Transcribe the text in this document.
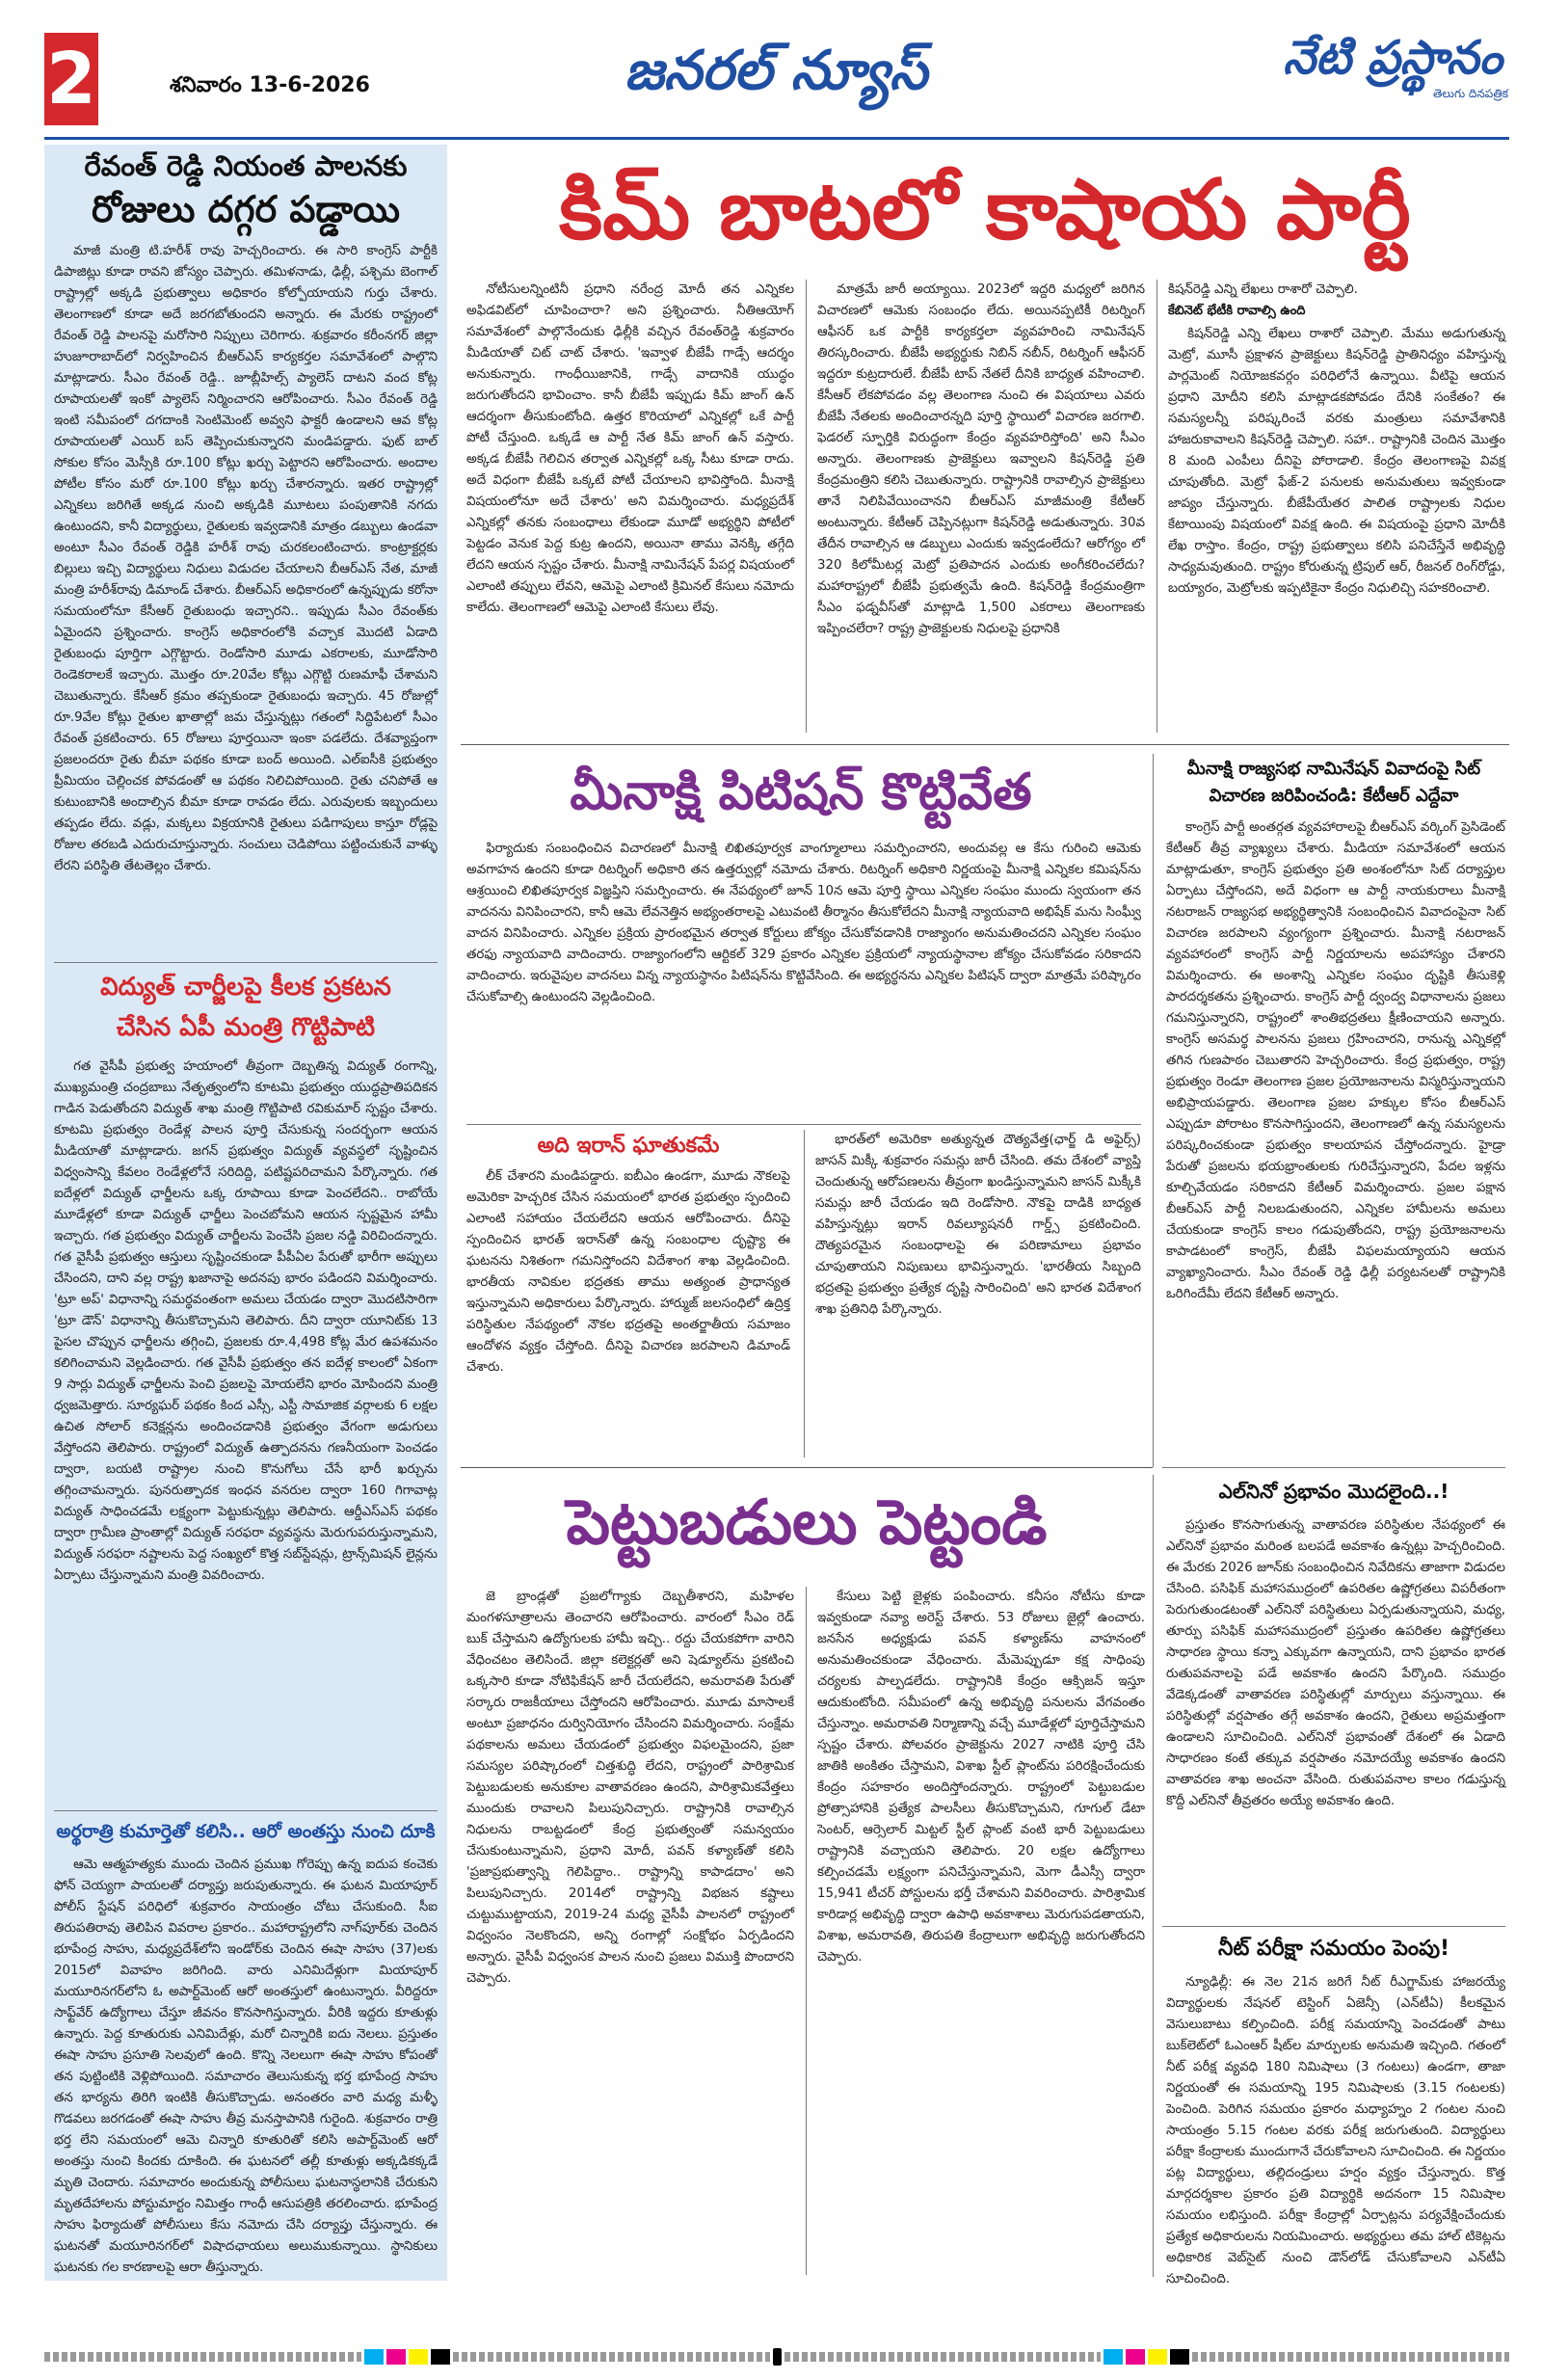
2	శనివారం 13-6-2026	జనరల్ న్యూస్	నేటి ప్రస్థానం
తెలుగు దినపత్రిక
రేవంత్ రెడ్డి నియంత పాలనకు
రోజులు దగ్గర పడ్డాయి
మాజీ మంత్రి టి.హరీశ్ రావు హెచ్చరించారు. ఈ సారి కాంగ్రెస్ పార్టీకి డిపాజిట్లు కూడా రావని జోస్యం చెప్పారు. తమిళనాడు, ఢిల్లీ, పశ్చిమ బెంగాల్ రాష్ట్రాల్లో అక్కడి ప్రభుత్వాలు అధికారం కోల్పోయాయని గుర్తు చేశారు. తెలంగాణలో కూడా అదే జరగబోతుందని అన్నారు. ఈ మేరకు రాష్ట్రంలో రేవంత్ రెడ్డి పాలనపై మరోసారి నిప్పులు చెరిగారు. శుక్రవారం కరీంనగర్ జిల్లా హుజూరాబాద్‌లో నిర్వహించిన బీఆర్‌ఎస్ కార్యకర్తల సమావేశంలో పాల్గొని మాట్లాడారు. సీఎం రేవంత్ రెడ్డి.. జూబ్లీహిల్స్ ప్యాలెస్ దాటని వంద కోట్ల రూపాయలతో ఇంకో ప్యాలెస్ నిర్మించారని ఆరోపించారు. సీఎం రేవంత్ రెడ్డి ఇంటి సమీపంలో దగదాంకి సెంటిమెంట్ అవ్వని ఫాక్టరీ ఉండాలని ఆవ కోట్ల రూపాయలతో ఎయిర్ బస్ తెప్పించుకున్నారని మండిపడ్డారు. ఫుట్ బాల్ సోకుల కోసం మెస్సీకి రూ.100 కోట్లు ఖర్చు పెట్టారని ఆరోపించారు. అందాల పోటీల కోసం మరో రూ.100 కోట్లు ఖర్చు చేశారన్నారు. ఇతర రాష్ట్రాల్లో ఎన్నికలు జరిగితే అక్కడ నుంచి అక్కడికి మూటలు పంపుతానికి నగదు ఉంటుందని, కానీ విద్యార్థులు, రైతులకు ఇవ్వడానికి మాత్రం డబ్బులు ఉండవా అంటూ సీఎం రేవంత్ రెడ్డికి హరీశ్ రావు చురకలంటించారు. కాంట్రాక్టర్లకు బిల్లులు ఇచ్చి విద్యార్థులు నిధులు విడుదల చేయాలని బీఆర్‌ఎస్ నేత, మాజీ మంత్రి హరీశ్‌రావు డిమాండ్ చేశారు. బీఆర్‌ఎస్ అధికారంలో ఉన్నప్పుడు కరోనా సమయంలోనూ కేసీఆర్ రైతుబంధు ఇచ్చారని.. ఇప్పుడు సీఎం రేవంత్‌కు ఏమైందని ప్రశ్నించారు. కాంగ్రెస్ అధికారంలోకి వచ్చాక మొదటి ఏడాది రైతుబంధు పూర్తిగా ఎగ్గొట్టారు. రెండోసారి మూడు ఎకరాలకు, మూడోసారి రెండెకరాలకే ఇచ్చారు. మొత్తం రూ.20వేల కోట్లు ఎగ్గొట్టి రుణమాఫీ చేశామని చెబుతున్నారు. కేసీఆర్ క్రమం తప్పకుండా రైతుబంధు ఇచ్చారు. 45 రోజుల్లో రూ.9వేల కోట్లు రైతుల ఖాతాల్లో జమ చేస్తున్నట్లు గతంలో సిద్ధిపేటలో సీఎం రేవంత్ ప్రకటించారు. 65 రోజులు పూర్తయినా ఇంకా పడలేదు. దేశవ్యాప్తంగా ప్రజలందరూ రైతు బీమా పథకం కూడా బంద్ అయింది. ఎల్ఐసీకి ప్రభుత్వం ప్రీమియం చెల్లించక పోవడంతో ఆ పథకం నిలిచిపోయింది. రైతు చనిపోతే ఆ కుటుంబానికి అందాల్సిన బీమా కూడా రావడం లేదు. ఎరువులకు ఇబ్బందులు తప్పడం లేదు. వడ్లు, మక్కలు విక్రయానికి రైతులు పడిగాపులు కాస్తూ రోడ్లపై రోజుల తరబడి ఎదురుచూస్తున్నారు. సంచులు చెడిపోయి పట్టించుకునే వాళ్ళు లేరని పరిస్థితి తేటతెల్లం చేశారు.
విద్యుత్ చార్జీలపై కీలక ప్రకటన
చేసిన ఏపీ మంత్రి గొట్టిపాటి
గత వైసీపీ ప్రభుత్వ హయాంలో తీవ్రంగా దెబ్బతిన్న విద్యుత్ రంగాన్ని, ముఖ్యమంత్రి చంద్రబాబు నేతృత్వంలోని కూటమి ప్రభుత్వం యుద్ధప్రాతిపదికన గాడిన పెడుతోందని విద్యుత్ శాఖ మంత్రి గొట్టిపాటి రవికుమార్ స్పష్టం చేశారు. కూటమి ప్రభుత్వం రెండేళ్ల పాలన పూర్తి చేసుకున్న సందర్భంగా ఆయన మీడియాతో మాట్లాడారు. జగన్ ప్రభుత్వం విద్యుత్ వ్యవస్థలో సృష్టించిన విధ్వంసాన్ని కేవలం రెండేళ్లలోనే సరిదిద్ది, పటిష్టపరిచామని పేర్కొన్నారు. గత ఐదేళ్లలో విద్యుత్ ఛార్జీలను ఒక్క రూపాయి కూడా పెంచలేదని.. రాబోయే మూడేళ్లలో కూడా విద్యుత్ ఛార్జీలు పెంచబోమని ఆయన స్పష్టమైన హామీ ఇచ్చారు. గత ప్రభుత్వం విద్యుత్ చార్జీలను పెంచేసి ప్రజల నడ్డి విరిచిందన్నారు. గత వైసీపీ ప్రభుత్వం ఆస్తులు సృష్టించకుండా పీపీఏల పేరుతో భారీగా అప్పులు చేసిందని, దాని వల్ల రాష్ట్ర ఖజానాపై అదనపు భారం పడిందని విమర్శించారు. 'ట్రూ అప్' విధానాన్ని సమర్థవంతంగా అమలు చేయడం ద్వారా మొదటిసారిగా 'ట్రూ డౌన్' విధానాన్ని తీసుకొచ్చామని తెలిపారు. దీని ద్వారా యూనిట్‌కు 13 పైసల చొప్పున ఛార్జీలను తగ్గించి, ప్రజలకు రూ.4,498 కోట్ల మేర ఉపశమనం కలిగించామని వెల్లడించారు. గత వైసీపీ ప్రభుత్వం తన ఐదేళ్ల కాలంలో ఏకంగా 9 సార్లు విద్యుత్ ఛార్జీలను పెంచి ప్రజలపై మోయలేని భారం మోపిందని మంత్రి ధ్వజమెత్తారు. సూర్యఘర్ పథకం కింద ఎస్సీ, ఎస్టీ సామాజిక వర్గాలకు 6 లక్షల ఉచిత సోలార్ కనెక్షన్లను అందించడానికి ప్రభుత్వం వేగంగా అడుగులు వేస్తోందని తెలిపారు. రాష్ట్రంలో విద్యుత్ ఉత్పాదనను గణనీయంగా పెంచడం ద్వారా, బయటి రాష్ట్రాల నుంచి కొనుగోలు చేసే భారీ ఖర్చును తగ్గించామన్నారు. పునరుత్పాదక ఇంధన వనరుల ద్వారా 160 గిగావాట్ల విద్యుత్ సాధించడమే లక్ష్యంగా పెట్టుకున్నట్లు తెలిపారు. ఆర్డీఎస్ఎస్ పథకం ద్వారా గ్రామీణ ప్రాంతాల్లో విద్యుత్ సరఫరా వ్యవస్థను మెరుగుపరుస్తున్నామని, విద్యుత్ సరఫరా నష్టాలను పెద్ద సంఖ్యలో కొత్త సబ్‌స్టేషన్లు, ట్రాన్స్‌మిషన్ లైన్లను ఏర్పాటు చేస్తున్నామని మంత్రి వివరించారు.
అర్థరాత్రి కుమార్తెతో కలిసి.. ఆరో అంతస్తు నుంచి దూకి
ఆమె ఆత్మహత్యకు ముందు చెందిన ప్రముఖ గోరెప్పు ఉన్న ఐదుప కంచెకు ఫోన్ చెయ్యగా పాయలతో దర్యాప్తు జరుపుతున్నారు. ఈ ఘటన మియాపూర్ పోలీస్ స్టేషన్ పరిధిలో శుక్రవారం సాయంత్రం చోటు చేసుకుంది. సీఐ తిరుపతిరావు తెలిపిన వివరాల ప్రకారం.. మహారాష్ట్రలోని నాగ్‌పూర్‌కు చెందిన భూపేంద్ర సాహు, మధ్యప్రదేశ్‌లోని ఇండోర్‌కు చెందిన ఈషా సాహు (37)లకు 2015లో వివాహం జరిగింది. వారు ఎనిమిదేళ్లుగా మియాపూర్ మయూరినగర్‌లోని ఓ అపార్ట్‌మెంట్ ఆరో అంతస్తులో ఉంటున్నారు. వీరిద్దరూ సాఫ్ట్‌వేర్ ఉద్యోగాలు చేస్తూ జీవనం కొనసాగిస్తున్నారు. వీరికి ఇద్దరు కూతుళ్లు ఉన్నారు. పెద్ద కూతురుకు ఎనిమిదేళ్లు, మరో చిన్నారికి ఐదు నెలలు. ప్రస్తుతం ఈషా సాహు ప్రసూతి సెలవులో ఉంది. కొన్ని నెలలుగా ఈషా సాహు కోపంతో తన పుట్టింటికి వెళ్లిపోయింది. సమాచారం తెలుసుకున్న భర్త భూపేంద్ర సాహు తన భార్యను తిరిగి ఇంటికి తీసుకొచ్చాడు. అనంతరం వారి మధ్య మళ్ళీ గొడవలు జరగడంతో ఈషా సాహు తీవ్ర మనస్తాపానికి గురైంది. శుక్రవారం రాత్రి భర్త లేని సమయంలో ఆమె చిన్నారి కూతురితో కలిసి అపార్ట్‌మెంట్ ఆరో అంతస్తు నుంచి కిందకు దూకింది. ఈ ఘటనలో తల్లీ కూతుళ్లు అక్కడికక్కడే మృతి చెందారు. సమాచారం అందుకున్న పోలీసులు ఘటనాస్థలానికి చేరుకుని మృతదేహాలను పోస్టుమార్టం నిమిత్తం గాంధీ ఆసుపత్రికి తరలించారు. భూపేంద్ర సాహు ఫిర్యాదుతో పోలీసులు కేసు నమోదు చేసి దర్యాప్తు చేస్తున్నారు. ఈ ఘటనతో మయూరినగర్‌లో విషాదఛాయలు అలుముకున్నాయి. స్థానికులు ఘటనకు గల కారణాలపై ఆరా తీస్తున్నారు.
కిమ్ బాటలో కాషాయ పార్టీ
నోటీసులన్నింటినీ ప్రధాని నరేంద్ర మోదీ తన ఎన్నికల అఫిడవిట్‌లో చూపించారా? అని ప్రశ్నించారు. నీతిఆయోగ్ సమావేశంలో పాల్గొనేందుకు ఢిల్లీకి వచ్చిన రేవంత్‌రెడ్డి శుక్రవారం మీడియాతో చిట్ చాట్ చేశారు. 'ఇవ్వాళ బీజేపీ గాడ్సే ఆదర్శం అనుకున్నారు. గాంధీయిజానికి, గాడ్సే వాదానికి యుద్ధం జరుగుతోందని భావించాం. కానీ బీజేపీ ఇప్పుడు కిమ్ జాంగ్ ఉన్ ఆదర్శంగా తీసుకుంటోంది. ఉత్తర కొరియాలో ఎన్నికల్లో ఒకే పార్టీ పోటీ చేస్తుంది. ఒక్కడే ఆ పార్టీ నేత కిమ్ జాంగ్ ఉన్ వస్తారు. అక్కడ బీజేపీ గెలిచిన తర్వాత ఎన్నికల్లో ఒక్క సీటు కూడా రాదు. అదే విధంగా బీజేపీ ఒక్కటే పోటీ చేయాలని భావిస్తోంది. మీనాక్షి విషయంలోనూ అదే చేశారు' అని విమర్శించారు. మధ్యప్రదేశ్ ఎన్నికల్లో తనకు సంబంధాలు లేకుండా మూడో అభ్యర్థిని పోటీలో పెట్టడం వెనుక పెద్ద కుట్ర ఉందని, అయినా తాము వెనక్కి తగ్గేది లేదని ఆయన స్పష్టం చేశారు. మీనాక్షి నామినేషన్ పేపర్ల విషయంలో ఎలాంటి తప్పులు లేవని, ఆమెపై ఎలాంటి క్రిమినల్ కేసులు నమోదు కాలేదు. తెలంగాణలో ఆమెపై ఎలాంటి కేసులు లేవు.
మాత్రమే జారీ అయ్యాయి. 2023లో ఇద్దరి మధ్యలో జరిగిన విచారణలో ఆమెకు సంబంధం లేదు. అయినప్పటికీ రిటర్నింగ్ ఆఫీసర్ ఒక పార్టీకి కార్యకర్తలా వ్యవహరించి నామినేషన్ తిరస్కరించారు. బీజేపీ అభ్యర్థుకు నిబిన్ నబీన్, రిటర్నింగ్ ఆఫీసర్ ఇద్దరూ కుట్రదారులే. బీజేపీ టాప్ నేతలే దీనికి బాధ్యత వహించాలి. కేసీఆర్ లేకపోవడం వల్ల తెలంగాణ నుంచి ఈ విషయాలు ఎవరు బీజేపీ నేతలకు అందించారన్నది పూర్తి స్థాయిలో విచారణ జరగాలి. ఫెడరల్ స్ఫూర్తికి విరుద్ధంగా కేంద్రం వ్యవహరిస్తోంది' అని సీఎం అన్నారు. తెలంగాణకు ప్రాజెక్టులు ఇవ్వాలని కిషన్‌రెడ్డి ప్రతి కేంద్రమంత్రిని కలిసి చెబుతున్నారు. రాష్ట్రానికి రావాల్సిన ప్రాజెక్టులు తానే నిలిపివేయించానని బీఆర్‌ఎస్ మాజీమంత్రి కేటీఆర్ అంటున్నారు. కేటీఆర్ చెప్పినట్లుగా కిషన్‌రెడ్డి అడుతున్నారు. 30వ తేదీన రావాల్సిన ఆ డబ్బులు ఎందుకు ఇవ్వడంలేదు? ఆరోగ్యం లో 320 కిలోమీటర్ల మెట్రో ప్రతిపాదన ఎందుకు అంగీకరించలేదు? మహారాష్ట్రలో బీజేపీ ప్రభుత్వమే ఉంది. కిషన్‌రెడ్డి కేంద్రమంత్రిగా సీఎం ఫడ్నవీస్‌తో మాట్లాడి 1,500 ఎకరాలు తెలంగాణకు ఇప్పించలేరా? రాష్ట్ర ప్రాజెక్టులకు నిధులపై ప్రధానికి
కిషన్‌రెడ్డి ఎన్ని లేఖలు రాశారో చెప్పాలి.
కేబినెట్ భేటీకి రావాల్సి ఉంది
కిషన్‌రెడ్డి ఎన్ని లేఖలు రాశారో చెప్పాలి. మేము అడుగుతున్న మెట్రో, మూసీ ప్రక్షాళన ప్రాజెక్టులు కిషన్‌రెడ్డి ప్రాతినిధ్యం వహిస్తున్న పార్లమెంట్ నియోజకవర్గం పరిధిలోనే ఉన్నాయి. వీటిపై ఆయన ప్రధాని మోదీని కలిసి మాట్లాడకపోవడం దేనికి సంకేతం? ఈ సమస్యలన్నీ పరిష్కరించే వరకు మంత్రులు సమావేశానికి హాజరుకావాలని కిషన్‌రెడ్డి చెప్పాలి. సహా.. రాష్ట్రానికి చెందిన మొత్తం 8 మంది ఎంపీలు దీనిపై పోరాడాలి. కేంద్రం తెలంగాణపై వివక్ష చూపుతోంది. మెట్రో ఫేజ్-2 పనులకు అనుమతులు ఇవ్వకుండా జాప్యం చేస్తున్నారు. బీజేపీయేతర పాలిత రాష్ట్రాలకు నిధుల కేటాయింపు విషయంలో వివక్ష ఉంది. ఈ విషయంపై ప్రధాని మోదీకి లేఖ రాస్తాం. కేంద్రం, రాష్ట్ర ప్రభుత్వాలు కలిసి పనిచేస్తేనే అభివృద్ధి సాధ్యమవుతుంది. రాష్ట్రం కోరుతున్న ట్రిపుల్ ఆర్, రీజనల్ రింగ్‌రోడ్డు, బయ్యారం, మెట్రోలకు ఇప్పటికైనా కేంద్రం నిధులిచ్చి సహకరించాలి.
మీనాక్షి పిటిషన్ కొట్టివేత
ఫిర్యాదుకు సంబంధించిన విచారణలో మీనాక్షి లిఖితపూర్వక వాంగ్మూలాలు సమర్పించారని, అందువల్ల ఆ కేసు గురించి ఆమెకు అవగాహన ఉందని కూడా రిటర్నింగ్ అధికారి తన ఉత్తర్వుల్లో నమోదు చేశారు. రిటర్నింగ్ అధికారి నిర్ణయంపై మీనాక్షి ఎన్నికల కమిషన్‌ను ఆశ్రయించి లిఖితపూర్వక విజ్ఞప్తిని సమర్పించారు. ఈ నేపథ్యంలో జూన్ 10న ఆమె పూర్తి స్థాయి ఎన్నికల సంఘం ముందు స్వయంగా తన వాదనను వినిపించారని, కానీ ఆమె లేవనెత్తిన అభ్యంతరాలపై ఎటువంటి తీర్మానం తీసుకోలేదని మీనాక్షి న్యాయవాది అభిషేక్ మను సింఘ్వీ వాదన వినిపించారు. ఎన్నికల ప్రక్రియ ప్రారంభమైన తర్వాత కోర్టులు జోక్యం చేసుకోవడానికి రాజ్యాంగం అనుమతించదని ఎన్నికల సంఘం తరఫు న్యాయవాది వాదించారు. రాజ్యాంగంలోని ఆర్టికల్ 329 ప్రకారం ఎన్నికల ప్రక్రియలో న్యాయస్థానాల జోక్యం చేసుకోవడం సరికాదని వాదించారు. ఇరువైపుల వాదనలు విన్న న్యాయస్థానం పిటిషన్‌ను కొట్టివేసింది. ఈ అభ్యర్థనను ఎన్నికల పిటిషన్ ద్వారా మాత్రమే పరిష్కారం చేసుకోవాల్సి ఉంటుందని వెల్లడించింది.
మీనాక్షి రాజ్యసభ నామినేషన్ వివాదంపై సిట్ విచారణ జరిపించండి: కేటీఆర్ ఎద్దేవా
కాంగ్రెస్ పార్టీ అంతర్గత వ్యవహారాలపై బీఆర్‌ఎస్ వర్కింగ్ ప్రెసిడెంట్ కేటీఆర్ తీవ్ర వ్యాఖ్యలు చేశారు. మీడియా సమావేశంలో ఆయన మాట్లాడుతూ, కాంగ్రెస్ ప్రభుత్వం ప్రతి అంశంలోనూ సిట్ దర్యాప్తుల ఏర్పాటు చేస్తోందని, అదే విధంగా ఆ పార్టీ నాయకురాలు మీనాక్షి నటరాజన్ రాజ్యసభ అభ్యర్థిత్వానికి సంబంధించిన వివాదంపైనా సిట్ విచారణ జరపాలని వ్యంగ్యంగా ప్రశ్నించారు. మీనాక్షి నటరాజన్ వ్యవహారంలో కాంగ్రెస్ పార్టీ నిర్ణయాలను అపహాస్యం చేశారని విమర్శించారు. ఈ అంశాన్ని ఎన్నికల సంఘం దృష్టికి తీసుకెళ్లి పారదర్శకతను ప్రశ్నించారు. కాంగ్రెస్ పార్టీ ద్వంద్వ విధానాలను ప్రజలు గమనిస్తున్నారని, రాష్ట్రంలో శాంతిభద్రతలు క్షీణించాయని అన్నారు. కాంగ్రెస్ అసమర్థ పాలనను ప్రజలు గ్రహించారని, రానున్న ఎన్నికల్లో తగిన గుణపాఠం చెబుతారని హెచ్చరించారు. కేంద్ర ప్రభుత్వం, రాష్ట్ర ప్రభుత్వం రెండూ తెలంగాణ ప్రజల ప్రయోజనాలను విస్మరిస్తున్నాయని అభిప్రాయపడ్డారు. తెలంగాణ ప్రజల హక్కుల కోసం బీఆర్‌ఎస్ ఎప్పుడూ పోరాటం కొనసాగిస్తుందని, తెలంగాణలో ఉన్న సమస్యలను పరిష్కరించకుండా ప్రభుత్వం కాలయాపన చేస్తోందన్నారు. హైడ్రా పేరుతో ప్రజలను భయభ్రాంతులకు గురిచేస్తున్నారని, పేదల ఇళ్లను కూల్చివేయడం సరికాదని కేటీఆర్ విమర్శించారు. ప్రజల పక్షాన బీఆర్‌ఎస్ పార్టీ నిలబడుతుందని, ఎన్నికల హామీలను అమలు చేయకుండా కాంగ్రెస్ కాలం గడుపుతోందని, రాష్ట్ర ప్రయోజనాలను కాపాడటంలో కాంగ్రెస్, బీజేపీ విఫలమయ్యాయని ఆయన వ్యాఖ్యానించారు. సీఎం రేవంత్ రెడ్డి ఢిల్లీ పర్యటనలతో రాష్ట్రానికి ఒరిగిందేమీ లేదని కేటీఆర్ అన్నారు.
అది ఇరాన్ ఘాతుకమే
లీక్ చేశారని మండిపడ్డారు. ఐబీఎం ఉండగా, మూడు నౌకలపై అమెరికా హెచ్చరిక చేసిన సమయంలో భారత ప్రభుత్వం స్పందించి ఎలాంటి సహాయం చేయలేదని ఆయన ఆరోపించారు. దీనిపై స్పందించిన భారత్ ఇరాన్‌తో ఉన్న సంబంధాల దృష్ట్యా ఈ ఘటనను నిశితంగా గమనిస్తోందని విదేశాంగ శాఖ వెల్లడించింది. భారతీయ నావికుల భద్రతకు తాము అత్యంత ప్రాధాన్యత ఇస్తున్నామని అధికారులు పేర్కొన్నారు. హార్ముజ్ జలసంధిలో ఉద్రిక్త పరిస్థితుల నేపథ్యంలో నౌకల భద్రతపై అంతర్జాతీయ సమాజం ఆందోళన వ్యక్తం చేస్తోంది. దీనిపై విచారణ జరపాలని డిమాండ్ చేశారు.
భారత్‌లో అమెరికా అత్యున్నత దౌత్యవేత్త(ఛార్జ్ డి అఫైర్స్) జాసన్ మిక్కీ శుక్రవారం సమన్లు జారీ చేసింది. తమ దేశంలో వ్యాప్తి చెందుతున్న ఆరోపణలను తీవ్రంగా ఖండిస్తున్నామని జాసన్ మిక్కీకి సమన్లు జారీ చేయడం ఇది రెండోసారి. నౌకపై దాడికి బాధ్యత వహిస్తున్నట్లు ఇరాన్ రివల్యూషనరీ గార్డ్స్ ప్రకటించింది. దౌత్యపరమైన సంబంధాలపై ఈ పరిణామాలు ప్రభావం చూపుతాయని నిపుణులు భావిస్తున్నారు. 'భారతీయ సిబ్బంది భద్రతపై ప్రభుత్వం ప్రత్యేక దృష్టి సారించింది' అని భారత విదేశాంగ శాఖ ప్రతినిధి పేర్కొన్నారు.
ఎల్‌నినో ప్రభావం మొదలైంది..!
ప్రస్తుతం కొనసాగుతున్న వాతావరణ పరిస్థితుల నేపథ్యంలో ఈ ఎల్‌నినో ప్రభావం మరింత బలపడే అవకాశం ఉన్నట్లు హెచ్చరించింది. ఈ మేరకు 2026 జూన్‌కు సంబంధించిన నివేదికను తాజాగా విడుదల చేసింది. పసిఫిక్ మహాసముద్రంలో ఉపరితల ఉష్ణోగ్రతలు విపరీతంగా పెరుగుతుండటంతో ఎల్‌నినో పరిస్థితులు ఏర్పడుతున్నాయని, మధ్య, తూర్పు పసిఫిక్ మహాసముద్రంలో ప్రస్తుతం ఉపరితల ఉష్ణోగ్రతలు సాధారణ స్థాయి కన్నా ఎక్కువగా ఉన్నాయని, దాని ప్రభావం భారత రుతుపవనాలపై పడే అవకాశం ఉందని పేర్కొంది. సముద్రం వేడెక్కడంతో వాతావరణ పరిస్థితుల్లో మార్పులు వస్తున్నాయి. ఈ పరిస్థితుల్లో వర్షపాతం తగ్గే అవకాశం ఉందని, రైతులు అప్రమత్తంగా ఉండాలని సూచించింది. ఎల్‌నినో ప్రభావంతో దేశంలో ఈ ఏడాది సాధారణం కంటే తక్కువ వర్షపాతం నమోదయ్యే అవకాశం ఉందని వాతావరణ శాఖ అంచనా వేసింది. రుతుపవనాల కాలం గడుస్తున్న కొద్దీ ఎల్‌నినో తీవ్రతరం అయ్యే అవకాశం ఉంది.
పెట్టుబడులు పెట్టండి
జె బ్రాండ్లతో ప్రజలోగ్యాకు దెబ్బతీశారని, మహిళల మంగళసూత్రాలను తెంచారని ఆరోపించారు. వారంలో సీఎం రెడ్ బుక్ చేస్తామని ఉద్యోగులకు హామీ ఇచ్చి.. రద్దు చేయకపోగా వారిని వేధించటం తెలిసిందే. జిల్లా కలెక్టర్లతో అని షెడ్యూల్‌ను ప్రకటించి ఒక్కసారి కూడా నోటిఫికేషన్ జారీ చేయలేదని, అమరావతి పేరుతో సర్కారు రాజకీయాలు చేస్తోందని ఆరోపించారు. మూడు మాసాలకే అంటూ ప్రజాధనం దుర్వినియోగం చేసిందని విమర్శించారు. సంక్షేమ పథకాలను అమలు చేయడంలో ప్రభుత్వం విఫలమైందని, ప్రజా సమస్యల పరిష్కారంలో చిత్తశుద్ధి లేదని, రాష్ట్రంలో పారిశ్రామిక పెట్టుబడులకు అనుకూల వాతావరణం ఉందని, పారిశ్రామికవేత్తలు ముందుకు రావాలని పిలుపునిచ్చారు. రాష్ట్రానికి రావాల్సిన నిధులను రాబట్టడంలో కేంద్ర ప్రభుత్వంతో సమన్వయం చేసుకుంటున్నామని, ప్రధాని మోదీ, పవన్ కళ్యాణ్‌తో కలిసి 'ప్రజాప్రభుత్వాన్ని గెలిపిద్దాం.. రాష్ట్రాన్ని కాపాడదాం' అని పిలుపునిచ్చారు. 2014లో రాష్ట్రాన్ని విభజన కష్టాలు చుట్టుముట్టాయని, 2019-24 మధ్య వైసీపీ పాలనలో రాష్ట్రంలో విధ్వంసం నెలకొందని, అన్ని రంగాల్లో సంక్షోభం ఏర్పడిందని అన్నారు. వైసీపీ విధ్వంసక పాలన నుంచి ప్రజలు విముక్తి పొందారని చెప్పారు.
కేసులు పెట్టి జైళ్లకు పంపించారు. కనీసం నోటీసు కూడా ఇవ్వకుండా నవ్యా అరెస్ట్ చేశారు. 53 రోజులు జైల్లో ఉంచారు. జనసేన అధ్యక్షుడు పవన్ కళ్యాణ్‌ను వాహనంలో అనుమతించకుండా వేధించారు. మేమెప్పుడూ కక్ష సాధింపు చర్యలకు పాల్పడలేదు. రాష్ట్రానికి కేంద్రం ఆక్సిజన్ ఇస్తూ ఆదుకుంటోంది. సమీపంలో ఉన్న అభివృద్ధి పనులను వేగవంతం చేస్తున్నాం. అమరావతి నిర్మాణాన్ని వచ్చే మూడేళ్లలో పూర్తిచేస్తామని స్పష్టం చేశారు. పోలవరం ప్రాజెక్టును 2027 నాటికి పూర్తి చేసి జాతికి అంకితం చేస్తామని, విశాఖ స్టీల్ ప్లాంట్‌ను పరిరక్షించేందుకు కేంద్రం సహకారం అందిస్తోందన్నారు. రాష్ట్రంలో పెట్టుబడుల ప్రోత్సాహానికి ప్రత్యేక పాలసీలు తీసుకొచ్చామని, గూగుల్ డేటా సెంటర్, ఆర్సెలార్ మిట్టల్ స్టీల్ ప్లాంట్ వంటి భారీ పెట్టుబడులు రాష్ట్రానికి వచ్చాయని తెలిపారు. 20 లక్షల ఉద్యోగాలు కల్పించడమే లక్ష్యంగా పనిచేస్తున్నామని, మెగా డీఎస్సీ ద్వారా 15,941 టీచర్ పోస్టులను భర్తీ చేశామని వివరించారు. పారిశ్రామిక కారిడార్ల అభివృద్ధి ద్వారా ఉపాధి అవకాశాలు మెరుగుపడతాయని, విశాఖ, అమరావతి, తిరుపతి కేంద్రాలుగా అభివృద్ధి జరుగుతోందని చెప్పారు.	నీట్ పరీక్షా సమయం పెంపు!
న్యూఢిల్లీ: ఈ నెల 21న జరిగే నీట్ రీఎగ్జామ్‌కు హాజరయ్యే విద్యార్థులకు నేషనల్ టెస్టింగ్ ఏజెన్సీ (ఎన్‌టీఏ) కీలకమైన వెసులుబాటు కల్పించింది. పరీక్ష సమయాన్ని పెంచడంతో పాటు బుక్‌లెట్‌లో ఓఎంఆర్ షీట్‌ల మార్పులకు అనుమతి ఇచ్చింది. గతంలో నీట్ పరీక్ష వ్యవధి 180 నిమిషాలు (3 గంటలు) ఉండగా, తాజా నిర్ణయంతో ఈ సమయాన్ని 195 నిమిషాలకు (3.15 గంటలకు) పెంచింది. పెరిగిన సమయం ప్రకారం మధ్యాహ్నం 2 గంటల నుంచి సాయంత్రం 5.15 గంటల వరకు పరీక్ష జరుగుతుంది. విద్యార్థులు పరీక్షా కేంద్రాలకు ముందుగానే చేరుకోవాలని సూచించింది. ఈ నిర్ణయం పట్ల విద్యార్థులు, తల్లిదండ్రులు హర్షం వ్యక్తం చేస్తున్నారు. కొత్త మార్గదర్శకాల ప్రకారం ప్రతి విద్యార్థికి అదనంగా 15 నిమిషాల సమయం లభిస్తుంది. పరీక్షా కేంద్రాల్లో ఏర్పాట్లను పర్యవేక్షించేందుకు ప్రత్యేక అధికారులను నియమించారు. అభ్యర్థులు తమ హాల్ టికెట్లను అధికారిక వెబ్‌సైట్ నుంచి డౌన్‌లోడ్ చేసుకోవాలని ఎన్‌టీఏ సూచించింది.
